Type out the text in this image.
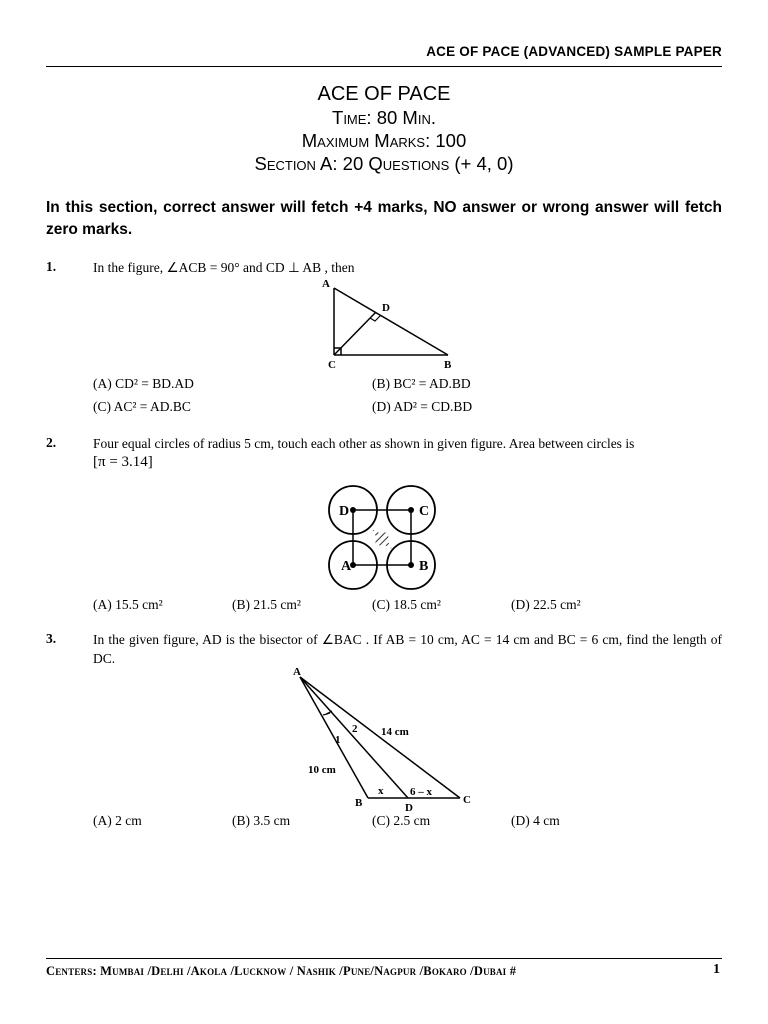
ACE OF PACE (ADVANCED) SAMPLE PAPER
ACE OF PACE
Time: 80 Min.
Maximum Marks: 100
Section A: 20 Questions (+ 4, 0)
In this section, correct answer will fetch +4 marks, NO answer or wrong answer will fetch zero marks.
1.	In the figure, ∠ACB = 90° and CD ⊥ AB , then
A
D
C	B
(A) CD² = BD.AD	(B) BC² = AD.BD
(C) AC² = AD.BC	(D) AD² = CD.BD
2.	Four equal circles of radius 5 cm, touch each other as shown in given figure. Area between circles is
[π = 3.14]
D	C
A	B
(A) 15.5 cm²	(B) 21.5 cm²	(C) 18.5 cm²	(D) 22.5 cm²
3.	In the given figure, AD is the bisector of ∠BAC . If AB = 10 cm, AC = 14 cm and BC = 6 cm, find the length of DC.
A
1
2 14 cm
10 cm
x 6 – x
B	D
C
(A) 2 cm	(B) 3.5 cm	(C) 2.5 cm	(D) 4 cm
Centers: Mumbai /Delhi /Akola /Lucknow / Nashik /Pune/Nagpur /Bokaro /Dubai #	1
